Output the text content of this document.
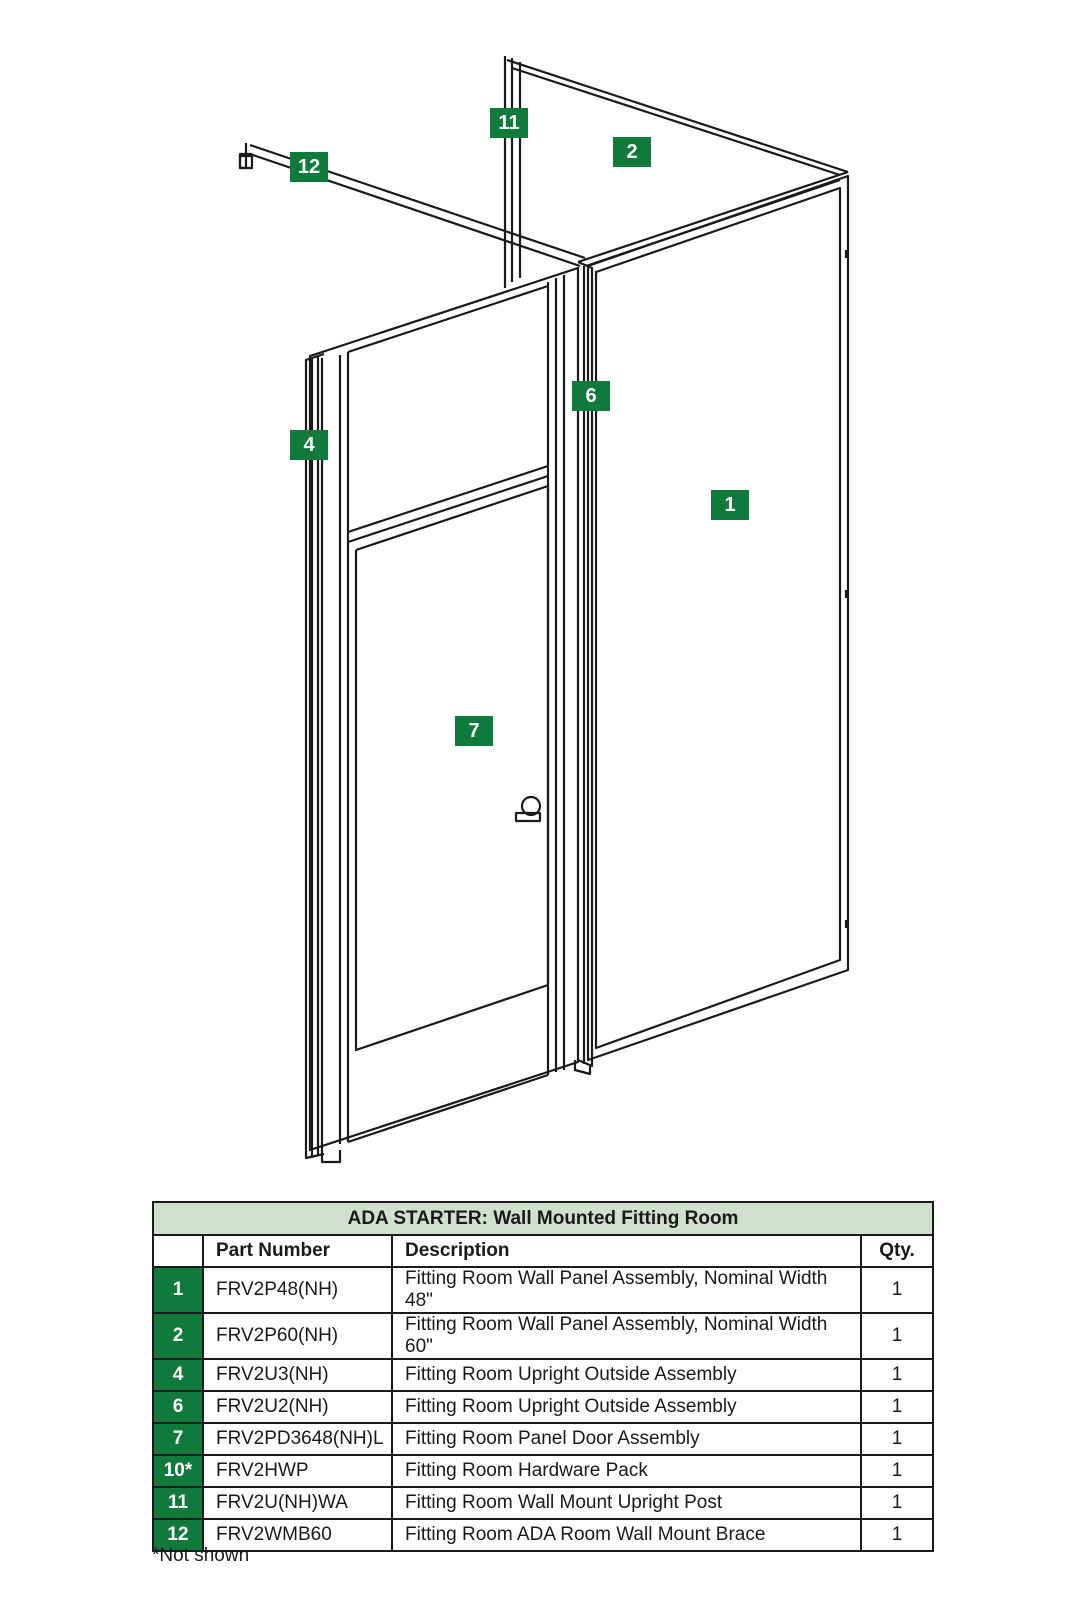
1
2
4
6
7
11
12
ADA STARTER: Wall Mounted Fitting Room			
	Part Number	Description	Qty.
1	FRV2P48(NH)	Fitting Room Wall Panel Assembly, Nominal Width 48"	1
2	FRV2P60(NH)	Fitting Room Wall Panel Assembly, Nominal Width 60"	1
4	FRV2U3(NH)	Fitting Room Upright Outside Assembly	1
6	FRV2U2(NH)	Fitting Room Upright Outside Assembly	1
7	FRV2PD3648(NH)L	Fitting Room Panel Door Assembly	1
10*	FRV2HWP	Fitting Room Hardware Pack	1
11	FRV2U(NH)WA	Fitting Room Wall Mount Upright Post	1
12	FRV2WMB60	Fitting Room ADA Room Wall Mount Brace	1
*Not shown
